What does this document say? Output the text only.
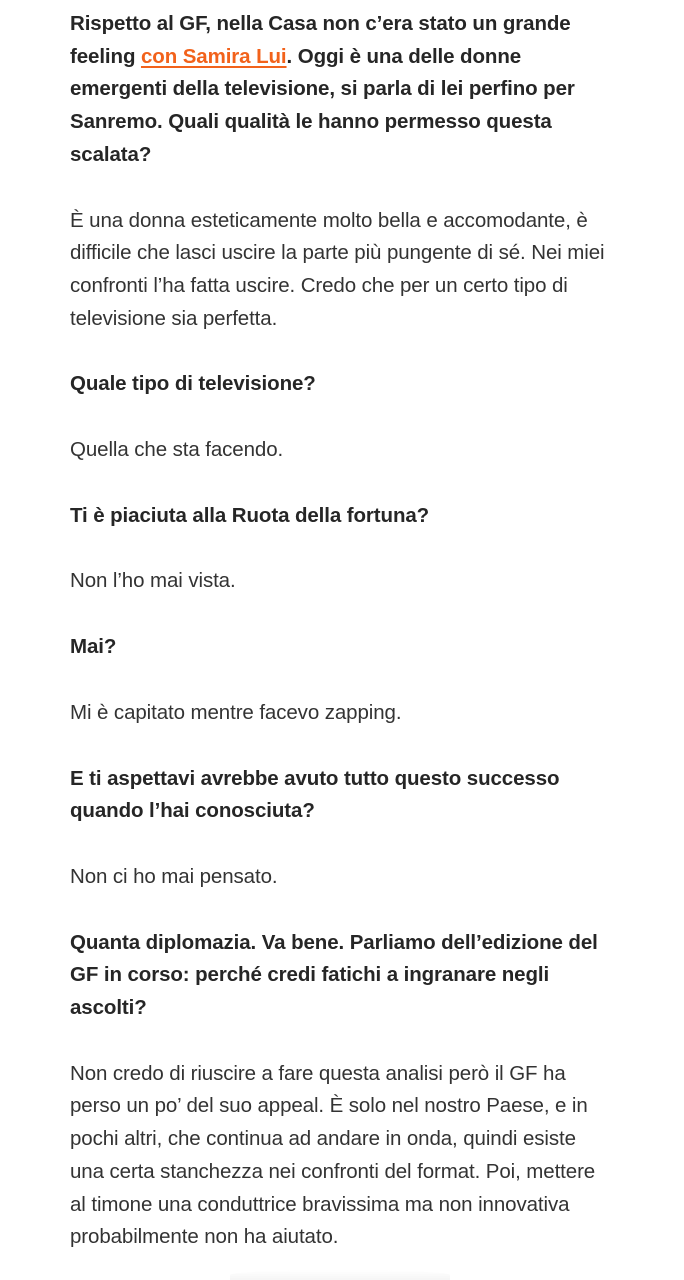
Rispetto al GF, nella Casa non c’era stato un grande feeling con Samira Lui. Oggi è una delle donne emergenti della televisione, si parla di lei perfino per Sanremo. Quali qualità le hanno permesso questa scalata?

È una donna esteticamente molto bella e accomodante, è difficile che lasci uscire la parte più pungente di sé. Nei miei confronti l’ha fatta uscire. Credo che per un certo tipo di televisione sia perfetta.

Quale tipo di televisione?

Quella che sta facendo.

Ti è piaciuta alla Ruota della fortuna?

Non l’ho mai vista.

Mai?

Mi è capitato mentre facevo zapping.

E ti aspettavi avrebbe avuto tutto questo successo quando l’hai conosciuta?

Non ci ho mai pensato.

Quanta diplomazia. Va bene. Parliamo dell’edizione del GF in corso: perché credi fatichi a ingranare negli ascolti?

Non credo di riuscire a fare questa analisi però il GF ha perso un po’ del suo appeal. È solo nel nostro Paese, e in pochi altri, che continua ad andare in onda, quindi esiste una certa stanchezza nei confronti del format. Poi, mettere al timone una conduttrice bravissima ma non innovativa probabilmente non ha aiutato.
